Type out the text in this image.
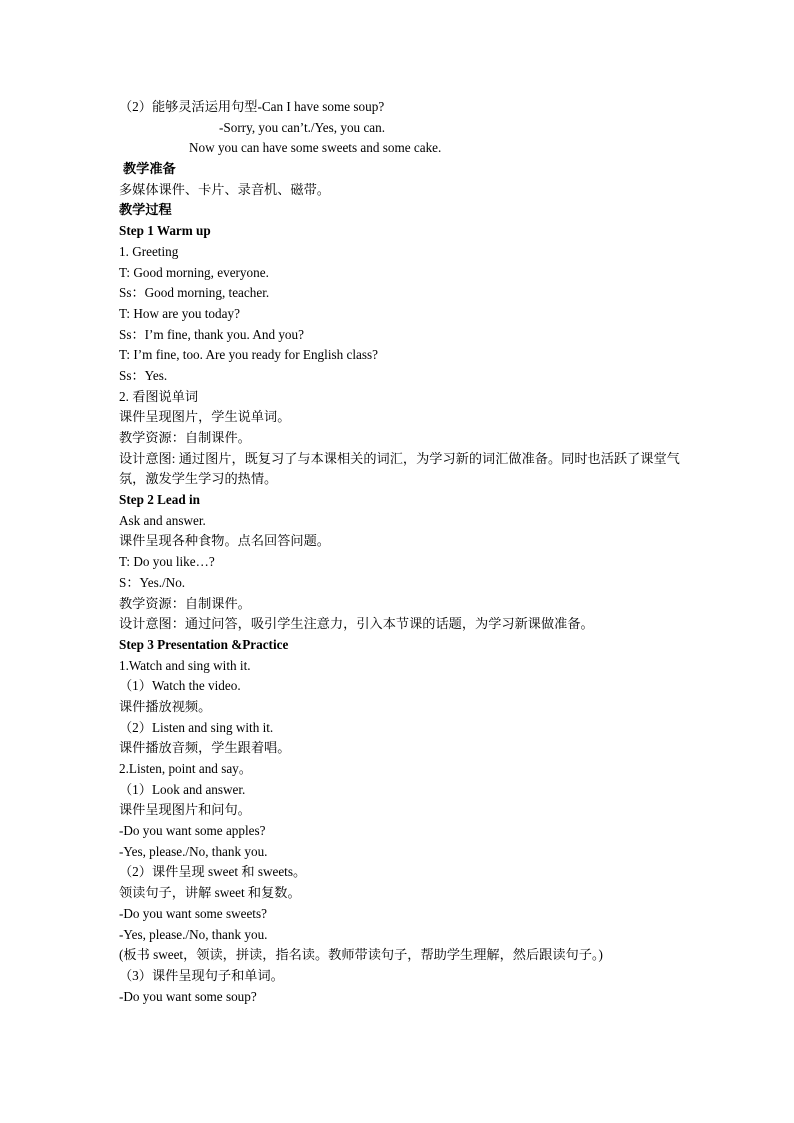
（2）能够灵活运用句型-Can I have some soup?
-Sorry, you can’t./Yes, you can.
Now you can have some sweets and some cake.
教学准备
多媒体课件、卡片、录音机、磁带。
教学过程
Step 1 Warm up
1. Greeting
T: Good morning, everyone.
Ss：Good morning, teacher.
T: How are you today?
Ss：I’m fine, thank you. And you?
T: I’m fine, too. Are you ready for English class?
Ss：Yes.
2. 看图说单词
课件呈现图片，学生说单词。
教学资源：自制课件。
设计意图: 通过图片，既复习了与本课相关的词汇，为学习新的词汇做准备。同时也活跃了课堂气氛，激发学生学习的热情。
Step 2 Lead in
Ask and answer.
课件呈现各种食物。点名回答问题。
T: Do you like…?
S：Yes./No.
教学资源：自制课件。
设计意图：通过问答，吸引学生注意力，引入本节课的话题，为学习新课做准备。
Step 3 Presentation &Practice
1.Watch and sing with it.
（1）Watch the video.
课件播放视频。
（2）Listen and sing with it.
课件播放音频，学生跟着唱。
2.Listen, point and say。
（1）Look and answer.
课件呈现图片和问句。
-Do you want some apples?
-Yes, please./No, thank you.
（2）课件呈现 sweet 和 sweets。
领读句子，讲解 sweet 和复数。
-Do you want some sweets?
-Yes, please./No, thank you.
(板书 sweet，领读，拼读，指名读。教师带读句子，帮助学生理解，然后跟读句子。)
（3）课件呈现句子和单词。
-Do you want some soup?
